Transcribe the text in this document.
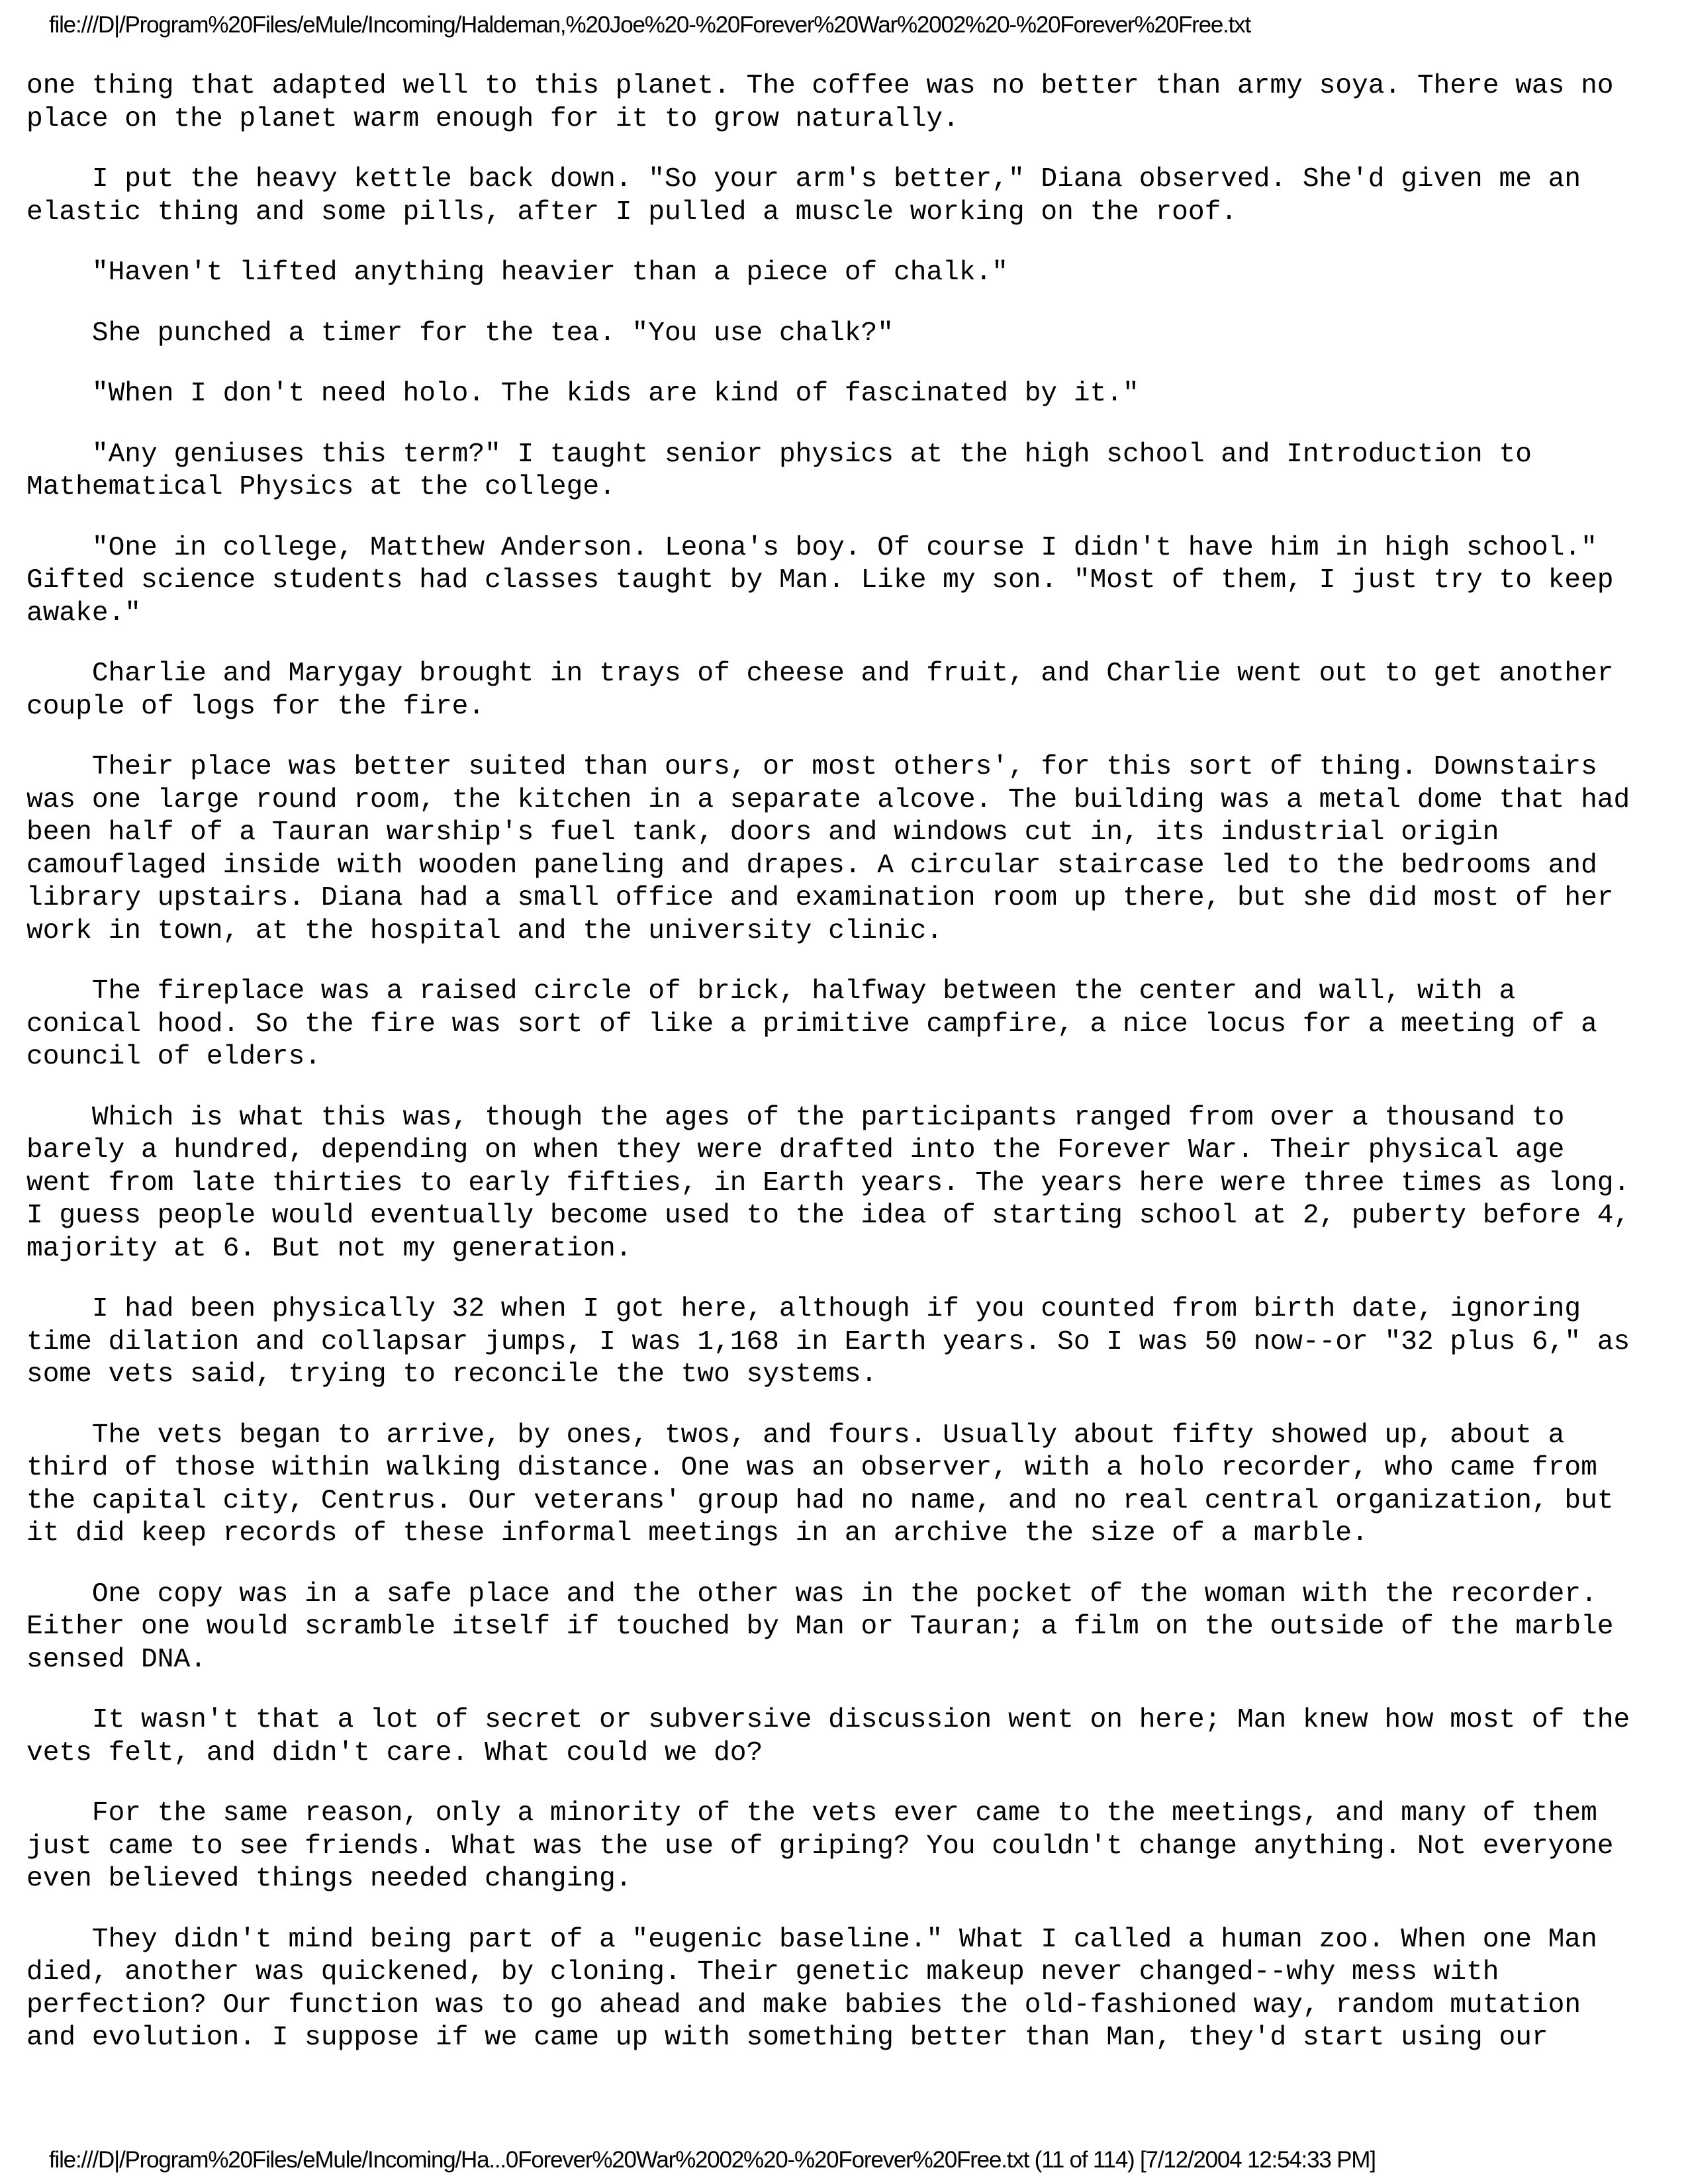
file:///D|/Program%20Files/eMule/Incoming/Haldeman,%20Joe%20-%20Forever%20War%2002%20-%20Forever%20Free.txt

one thing that adapted well to this planet. The coffee was no better than army soya. There was no
place on the planet warm enough for it to grow naturally.

I put the heavy kettle back down. "So your arm's better," Diana observed. She'd given me an
elastic thing and some pills, after I pulled a muscle working on the roof.

"Haven't lifted anything heavier than a piece of chalk."

She punched a timer for the tea. "You use chalk?"

"When I don't need holo. The kids are kind of fascinated by it."

"Any geniuses this term?" I taught senior physics at the high school and Introduction to
Mathematical Physics at the college.

"One in college, Matthew Anderson. Leona's boy. Of course I didn't have him in high school."
Gifted science students had classes taught by Man. Like my son. "Most of them, I just try to keep
awake."

Charlie and Marygay brought in trays of cheese and fruit, and Charlie went out to get another
couple of logs for the fire.

Their place was better suited than ours, or most others', for this sort of thing. Downstairs
was one large round room, the kitchen in a separate alcove. The building was a metal dome that had
been half of a Tauran warship's fuel tank, doors and windows cut in, its industrial origin
camouflaged inside with wooden paneling and drapes. A circular staircase led to the bedrooms and
library upstairs. Diana had a small office and examination room up there, but she did most of her
work in town, at the hospital and the university clinic.

The fireplace was a raised circle of brick, halfway between the center and wall, with a
conical hood. So the fire was sort of like a primitive campfire, a nice locus for a meeting of a
council of elders.

Which is what this was, though the ages of the participants ranged from over a thousand to
barely a hundred, depending on when they were drafted into the Forever War. Their physical age
went from late thirties to early fifties, in Earth years. The years here were three times as long.
I guess people would eventually become used to the idea of starting school at 2, puberty before 4,
majority at 6. But not my generation.

I had been physically 32 when I got here, although if you counted from birth date, ignoring
time dilation and collapsar jumps, I was 1,168 in Earth years. So I was 50 now--or "32 plus 6," as
some vets said, trying to reconcile the two systems.

The vets began to arrive, by ones, twos, and fours. Usually about fifty showed up, about a
third of those within walking distance. One was an observer, with a holo recorder, who came from
the capital city, Centrus. Our veterans' group had no name, and no real central organization, but
it did keep records of these informal meetings in an archive the size of a marble.

One copy was in a safe place and the other was in the pocket of the woman with the recorder.
Either one would scramble itself if touched by Man or Tauran; a film on the outside of the marble
sensed DNA.

It wasn't that a lot of secret or subversive discussion went on here; Man knew how most of the
vets felt, and didn't care. What could we do?

For the same reason, only a minority of the vets ever came to the meetings, and many of them
just came to see friends. What was the use of griping? You couldn't change anything. Not everyone
even believed things needed changing.

They didn't mind being part of a "eugenic baseline." What I called a human zoo. When one Man
died, another was quickened, by cloning. Their genetic makeup never changed--why mess with
perfection? Our function was to go ahead and make babies the old-fashioned way, random mutation
and evolution. I suppose if we came up with something better than Man, they'd start using our

file:///D|/Program%20Files/eMule/Incoming/Ha...0Forever%20War%2002%20-%20Forever%20Free.txt (11 of 114) [7/12/2004 12:54:33 PM]
